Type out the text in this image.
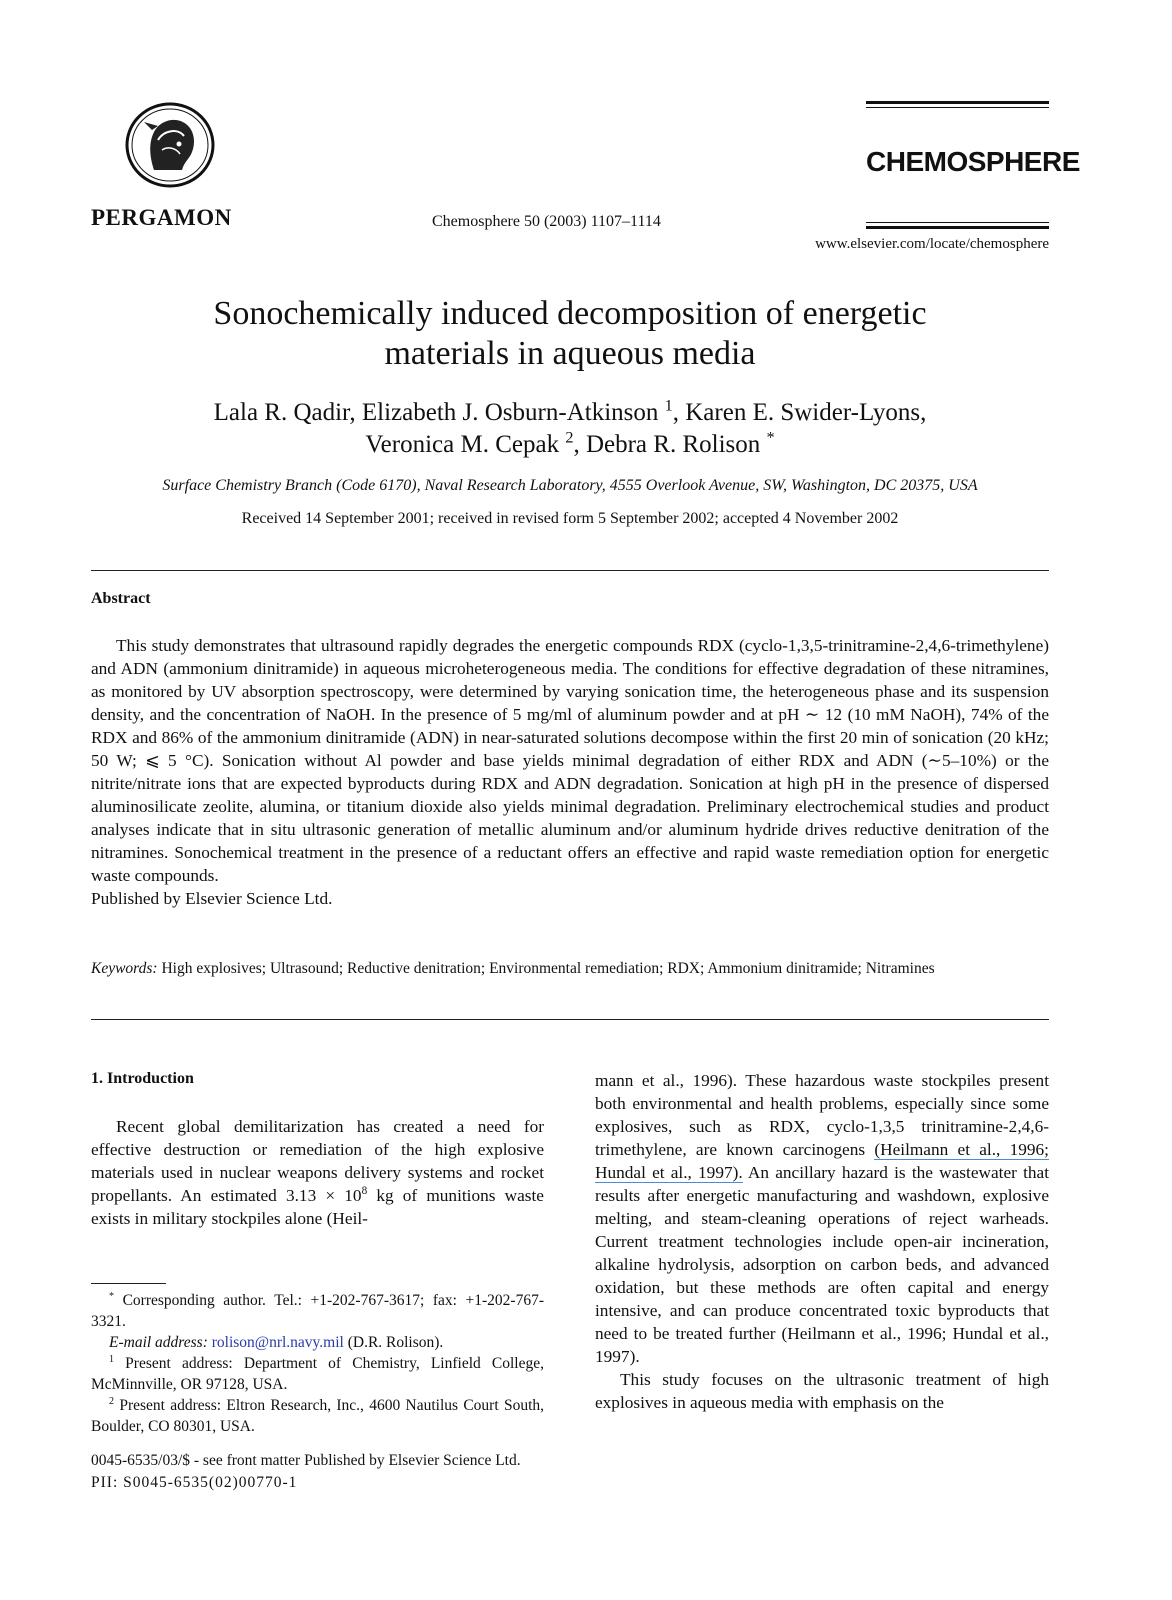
PERGAMON	Chemosphere 50 (2003) 1107–1114
CHEMOSPHERE
www.elsevier.com/locate/chemosphere
Sonochemically induced decomposition of energetic
materials in aqueous media
Lala R. Qadir, Elizabeth J. Osburn-Atkinson $^1$, Karen E. Swider-Lyons,
Veronica M. Cepak $^2$, Debra R. Rolison *
Surface Chemistry Branch (Code 6170), Naval Research Laboratory, 4555 Overlook Avenue, SW, Washington, DC 20375, USA
Received 14 September 2001; received in revised form 5 September 2002; accepted 4 November 2002
Abstract

This study demonstrates that ultrasound rapidly degrades the energetic compounds RDX (cyclo-1,3,5-trinitramine-2,4,6-trimethylene) and ADN (ammonium dinitramide) in aqueous microheterogeneous media. The conditions for effective degradation of these nitramines, as monitored by UV absorption spectroscopy, were determined by varying sonication time, the heterogeneous phase and its suspension density, and the concentration of NaOH. In the presence of 5 mg/ml of aluminum powder and at pH ∼ 12 (10 mM NaOH), 74% of the RDX and 86% of the ammonium dinitramide (ADN) in near-saturated solutions decompose within the first 20 min of sonication (20 kHz; 50 W; ⩽ 5 °C). Sonication without Al powder and base yields minimal degradation of either RDX and ADN (∼5–10%) or the nitrite/nitrate ions that are expected byproducts during RDX and ADN degradation. Sonication at high pH in the presence of dispersed aluminosilicate zeolite, alumina, or titanium dioxide also yields minimal degradation. Preliminary electrochemical studies and product analyses indicate that in situ ultrasonic generation of metallic aluminum and/or aluminum hydride drives reductive denitration of the nitramines. Sonochemical treatment in the presence of a reductant offers an effective and rapid waste remediation option for energetic waste compounds.

Published by Elsevier Science Ltd.

Keywords: High explosives; Ultrasound; Reductive denitration; Environmental remediation; RDX; Ammonium dinitramide; Nitramines
1. Introduction

Recent global demilitarization has created a need for effective destruction or remediation of the high explosive materials used in nuclear weapons delivery systems and rocket propellants. An estimated $3.13 \times 10^8$ kg of munitions waste exists in military stockpiles alone (Heil-

mann et al., 1996). These hazardous waste stockpiles present both environmental and health problems, especially since some explosives, such as RDX, cyclo-1,3,5 trinitramine-2,4,6-trimethylene, are known carcinogens (Heilmann et al., 1996; Hundal et al., 1997). An ancillary hazard is the wastewater that results after energetic manufacturing and washdown, explosive melting, and steam-cleaning operations of reject warheads. Current treatment technologies include open-air incineration, alkaline hydrolysis, adsorption on carbon beds, and advanced oxidation, but these methods are often capital and energy intensive, and can produce concentrated toxic byproducts that need to be treated further (Heilmann et al., 1996; Hundal et al., 1997).

This study focuses on the ultrasonic treatment of high explosives in aqueous media with emphasis on the

* Corresponding author. Tel.: +1-202-767-3617; fax: +1-202-767-3321.

E-mail address: rolison@nrl.navy.mil (D.R. Rolison).

$^1$ Present address: Department of Chemistry, Linfield College, McMinnville, OR 97128, USA.

$^2$ Present address: Eltron Research, Inc., 4600 Nautilus Court South, Boulder, CO 80301, USA.

0045-6535/03/$ - see front matter Published by Elsevier Science Ltd.
PII: S0045-6535(02)00770-1
